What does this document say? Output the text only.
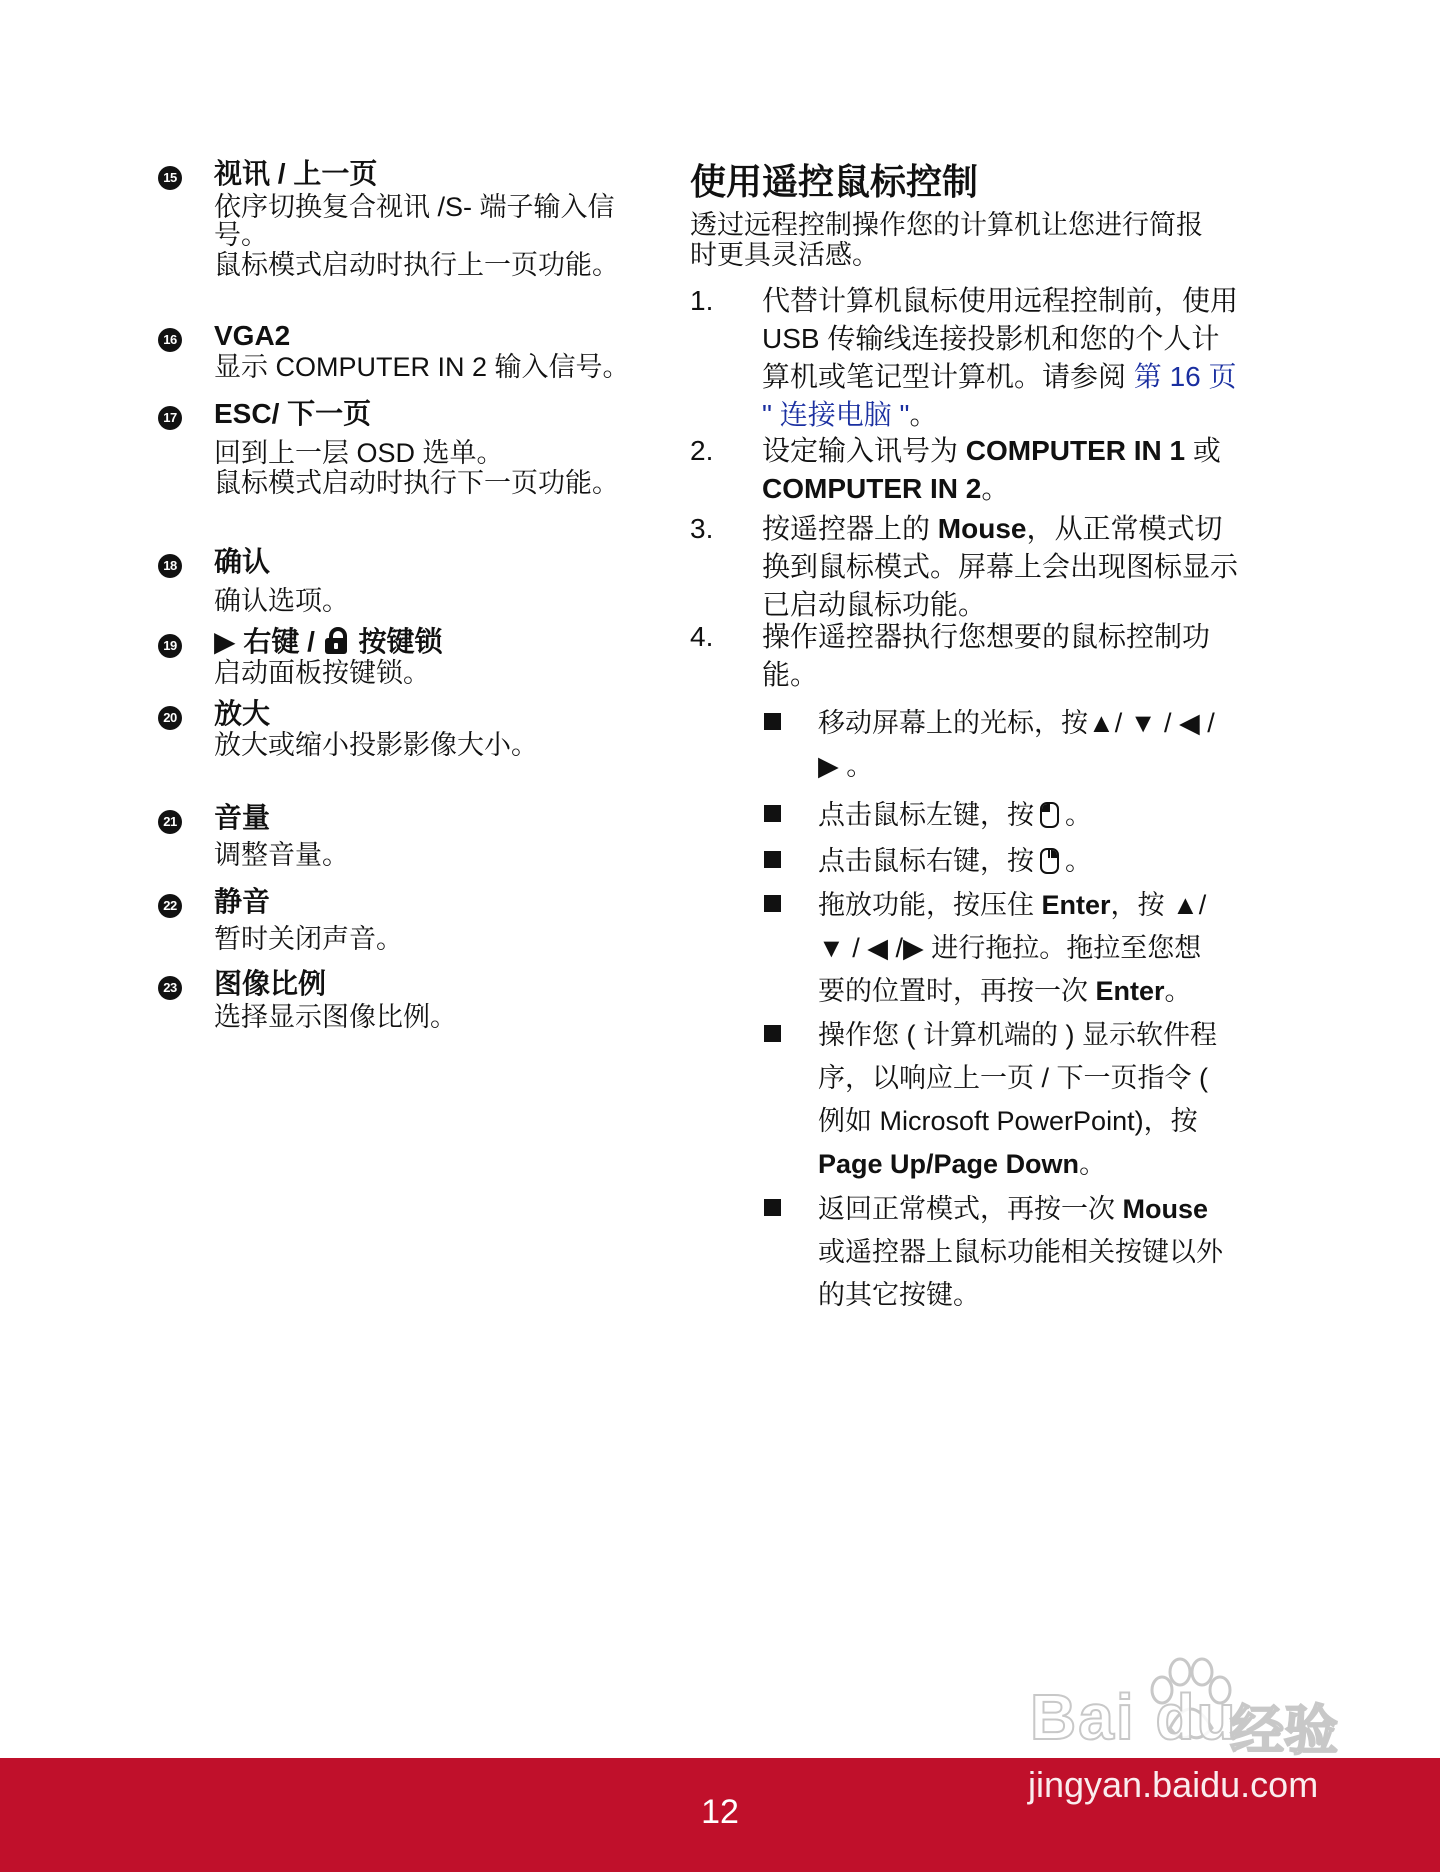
15 视讯 / 上一页
依序切换复合视讯 /S- 端子输入信
号。
鼠标模式启动时执行上一页功能。
16 VGA2
显示 COMPUTER IN 2 输入信号。
17 ESC/ 下一页
回到上一层 OSD 选单。
鼠标模式启动时执行下一页功能。
18 确认
确认选项。
19 ▶ 右键 / 按键锁
启动面板按键锁。
20 放大
放大或缩小投影影像大小。
21 音量
调整音量。
22 静音
暂时关闭声音。
23 图像比例
选择显示图像比例。
使用遥控鼠标控制
透过远程控制操作您的计算机让您进行简报
时更具灵活感。
1. 代替计算机鼠标使用远程控制前，使用
USB 传输线连接投影机和您的个人计
算机或笔记型计算机。请参阅 第 16 页
" 连接电脑 "。
2. 设定输入讯号为 COMPUTER IN 1 或
COMPUTER IN 2。
3. 按遥控器上的 Mouse，从正常模式切
换到鼠标模式。屏幕上会出现图标显示
已启动鼠标功能。
4. 操作遥控器执行您想要的鼠标控制功
能。
移动屏幕上的光标，按▲/ ▼ / ◀ /
▶ 。
点击鼠标左键，按 。
点击鼠标右键，按 。
拖放功能，按压住 Enter，按 ▲/
▼ / ◀ /▶ 进行拖拉。拖拉至您想
要的位置时，再按一次 Enter。
操作您 ( 计算机端的 ) 显示软件程
序，以响应上一页 / 下一页指令 (
例如 Microsoft PowerPoint)，按
Page Up/Page Down。
返回正常模式，再按一次 Mouse
或遥控器上鼠标功能相关按键以外
的其它按键。
12
Bai du
经验
jingyan.baidu.com
